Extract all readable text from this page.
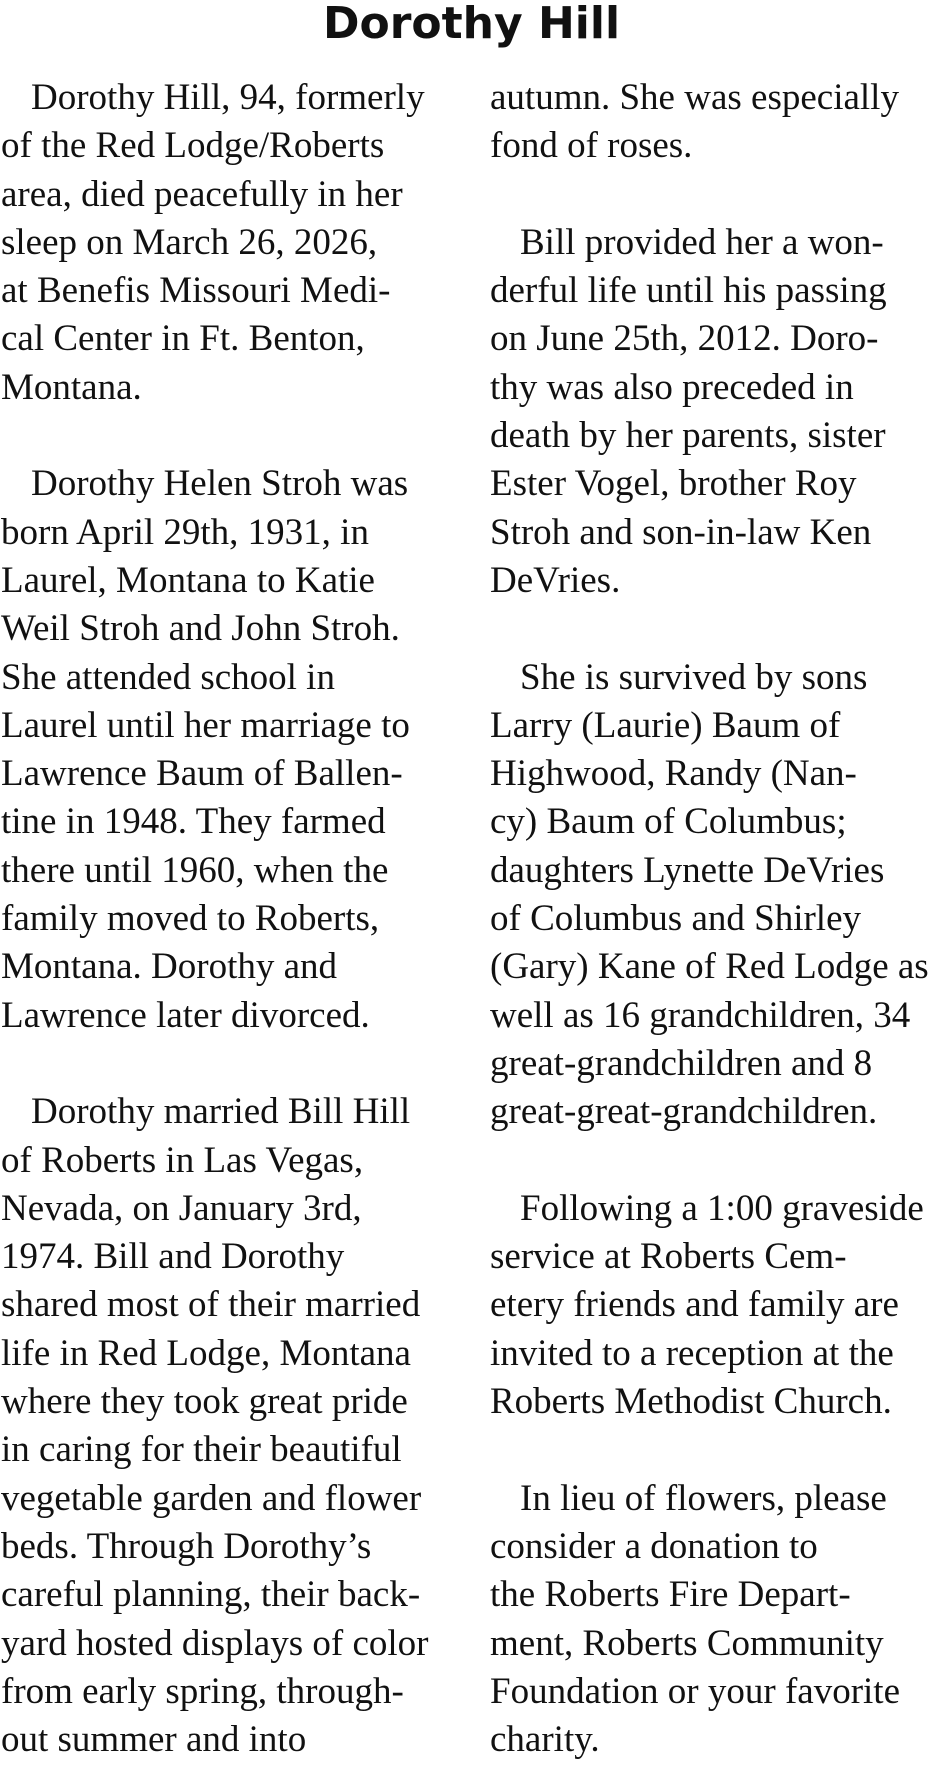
Dorothy Hill
Dorothy Hill, 94, formerly
of the Red Lodge/Roberts
area, died peacefully in her
sleep on March 26, 2026,
at Benefis Missouri Medi-
cal Center in Ft. Benton,
Montana.
Dorothy Helen Stroh was
born April 29th, 1931, in
Laurel, Montana to Katie
Weil Stroh and John Stroh.
She attended school in
Laurel until her marriage to
Lawrence Baum of Ballen-
tine in 1948. They farmed
there until 1960, when the
family moved to Roberts,
Montana. Dorothy and
Lawrence later divorced.
Dorothy married Bill Hill
of Roberts in Las Vegas,
Nevada, on January 3rd,
1974. Bill and Dorothy
shared most of their married
life in Red Lodge, Montana
where they took great pride
in caring for their beautiful
vegetable garden and flower
beds. Through Dorothy’s
careful planning, their back-
yard hosted displays of color
from early spring, through-
out summer and into
autumn. She was especially
fond of roses.
Bill provided her a won-
derful life until his passing
on June 25th, 2012. Doro-
thy was also preceded in
death by her parents, sister
Ester Vogel, brother Roy
Stroh and son-in-law Ken
DeVries.
She is survived by sons
Larry (Laurie) Baum of
Highwood, Randy (Nan-
cy) Baum of Columbus;
daughters Lynette DeVries
of Columbus and Shirley
(Gary) Kane of Red Lodge as
well as 16 grandchildren, 34
great-grandchildren and 8
great-great-grandchildren.
Following a 1:00 graveside
service at Roberts Cem-
etery friends and family are
invited to a reception at the
Roberts Methodist Church.
In lieu of flowers, please
consider a donation to
the Roberts Fire Depart-
ment, Roberts Community
Foundation or your favorite
charity.
